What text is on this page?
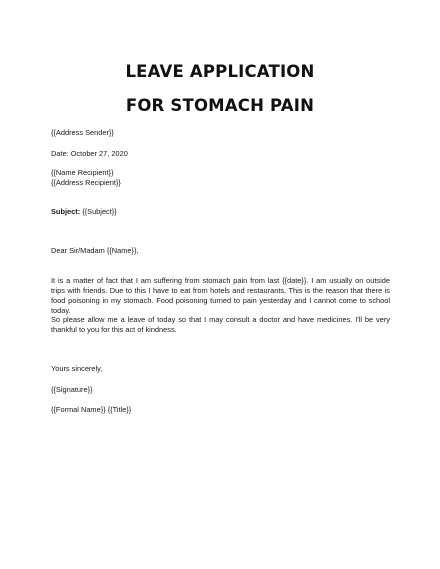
LEAVE APPLICATION
FOR STOMACH PAIN
{{Address Sender}}
Date: October 27, 2020
{{Name Recipient}}
{{Address Recipient}}
Subject: {{Subject}}
Dear Sir/Madam {{Name}},
It is a matter of fact that I am suffering from stomach pain from last {{date}}. I am usually on outside trips with friends. Due to this I have to eat from hotels and restaurants. This is the reason that there is food poisoning in my stomach. Food poisoning turned to pain yesterday and I cannot come to school today.
So please allow me a leave of today so that I may consult a doctor and have medicines. I'll be very thankful to you for this act of kindness.
Yours sincerely,
{{Signature}}
{{Formal Name}} {{Title}}
